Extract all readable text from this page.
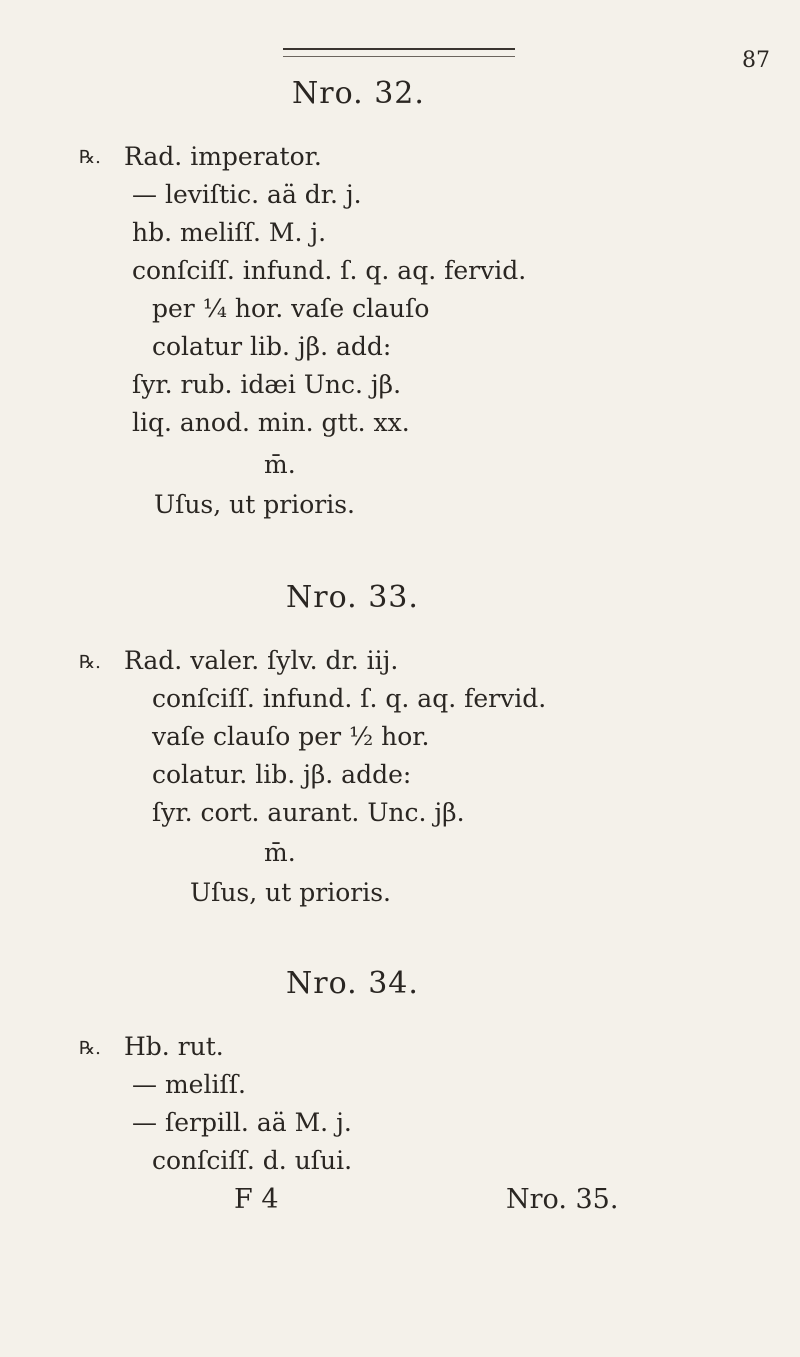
87
Nro. 32.
℞. Rad. imperator.
— leviſtic. aä dr. j.
hb. meliſſ. M. j.
conſciſſ. infund. ſ. q. aq. fervid.
per ¼ hor. vaſe clauſo
colatur lib. jβ. add:
ſyr. rub. idæi Unc. jβ.
liq. anod. min. gtt. xx.
m̄.
Uſus, ut prioris.
Nro. 33.
℞. Rad. valer. ſylv. dr. iij.
conſciſſ. infund. ſ. q. aq. fervid.
vaſe clauſo per ½ hor.
colatur. lib. jβ. adde:
ſyr. cort. aurant. Unc. jβ.
m̄.
Uſus, ut prioris.
Nro. 34.
℞. Hb. rut.
— meliſſ.
— ſerpill. aä M. j.
conſciſſ. d. uſui.
F 4	Nro. 35.
